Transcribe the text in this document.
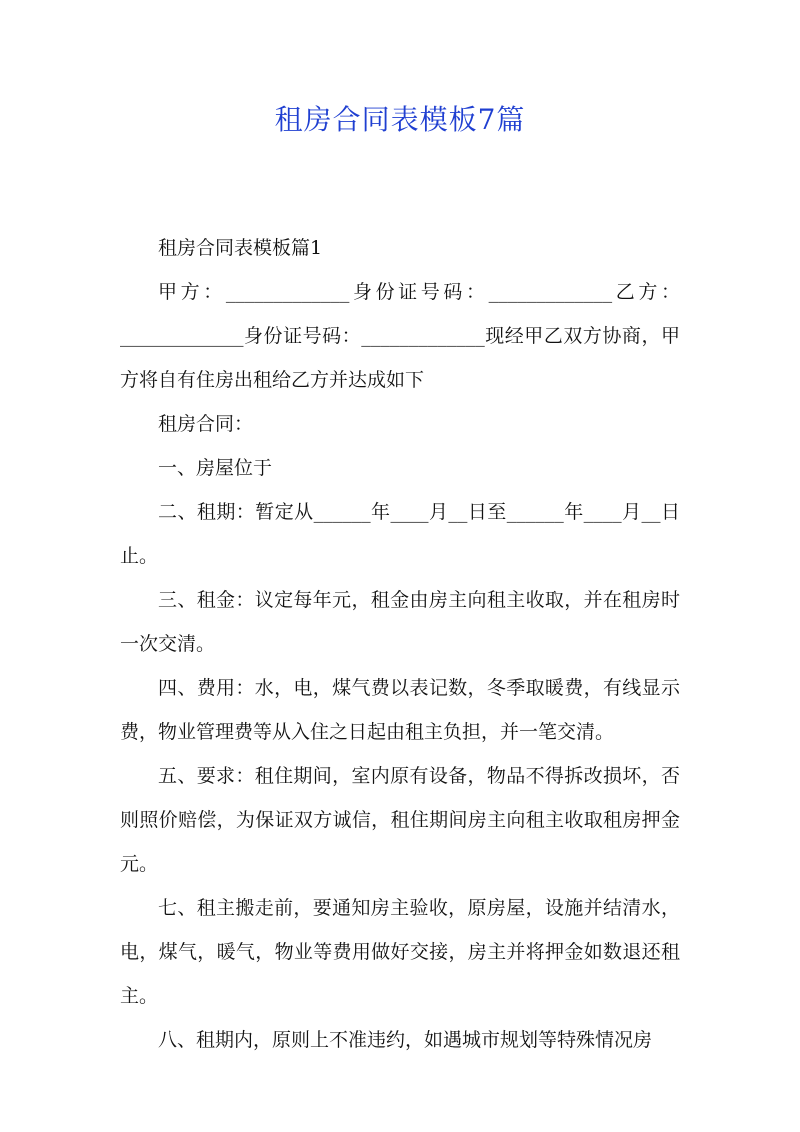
租房合同表模板7篇

租房合同表模板篇1

甲方：_____________身份证号码：_____________乙方：_____________身份证号码：_____________现经甲乙双方协商，甲方将自有住房出租给乙方并达成如下

租房合同：

一、房屋位于

二、租期：暂定从______年____月__日至______年____月__日止。

三、租金：议定每年元，租金由房主向租主收取，并在租房时一次交清。

四、费用：水，电，煤气费以表记数，冬季取暖费，有线显示费，物业管理费等从入住之日起由租主负担，并一笔交清。

五、要求：租住期间，室内原有设备，物品不得拆改损坏，否则照价赔偿，为保证双方诚信，租住期间房主向租主收取租房押金元。

七、租主搬走前，要通知房主验收，原房屋，设施并结清水，电，煤气，暖气，物业等费用做好交接，房主并将押金如数退还租主。

八、租期内，原则上不准违约，如遇城市规划等特殊情况房
